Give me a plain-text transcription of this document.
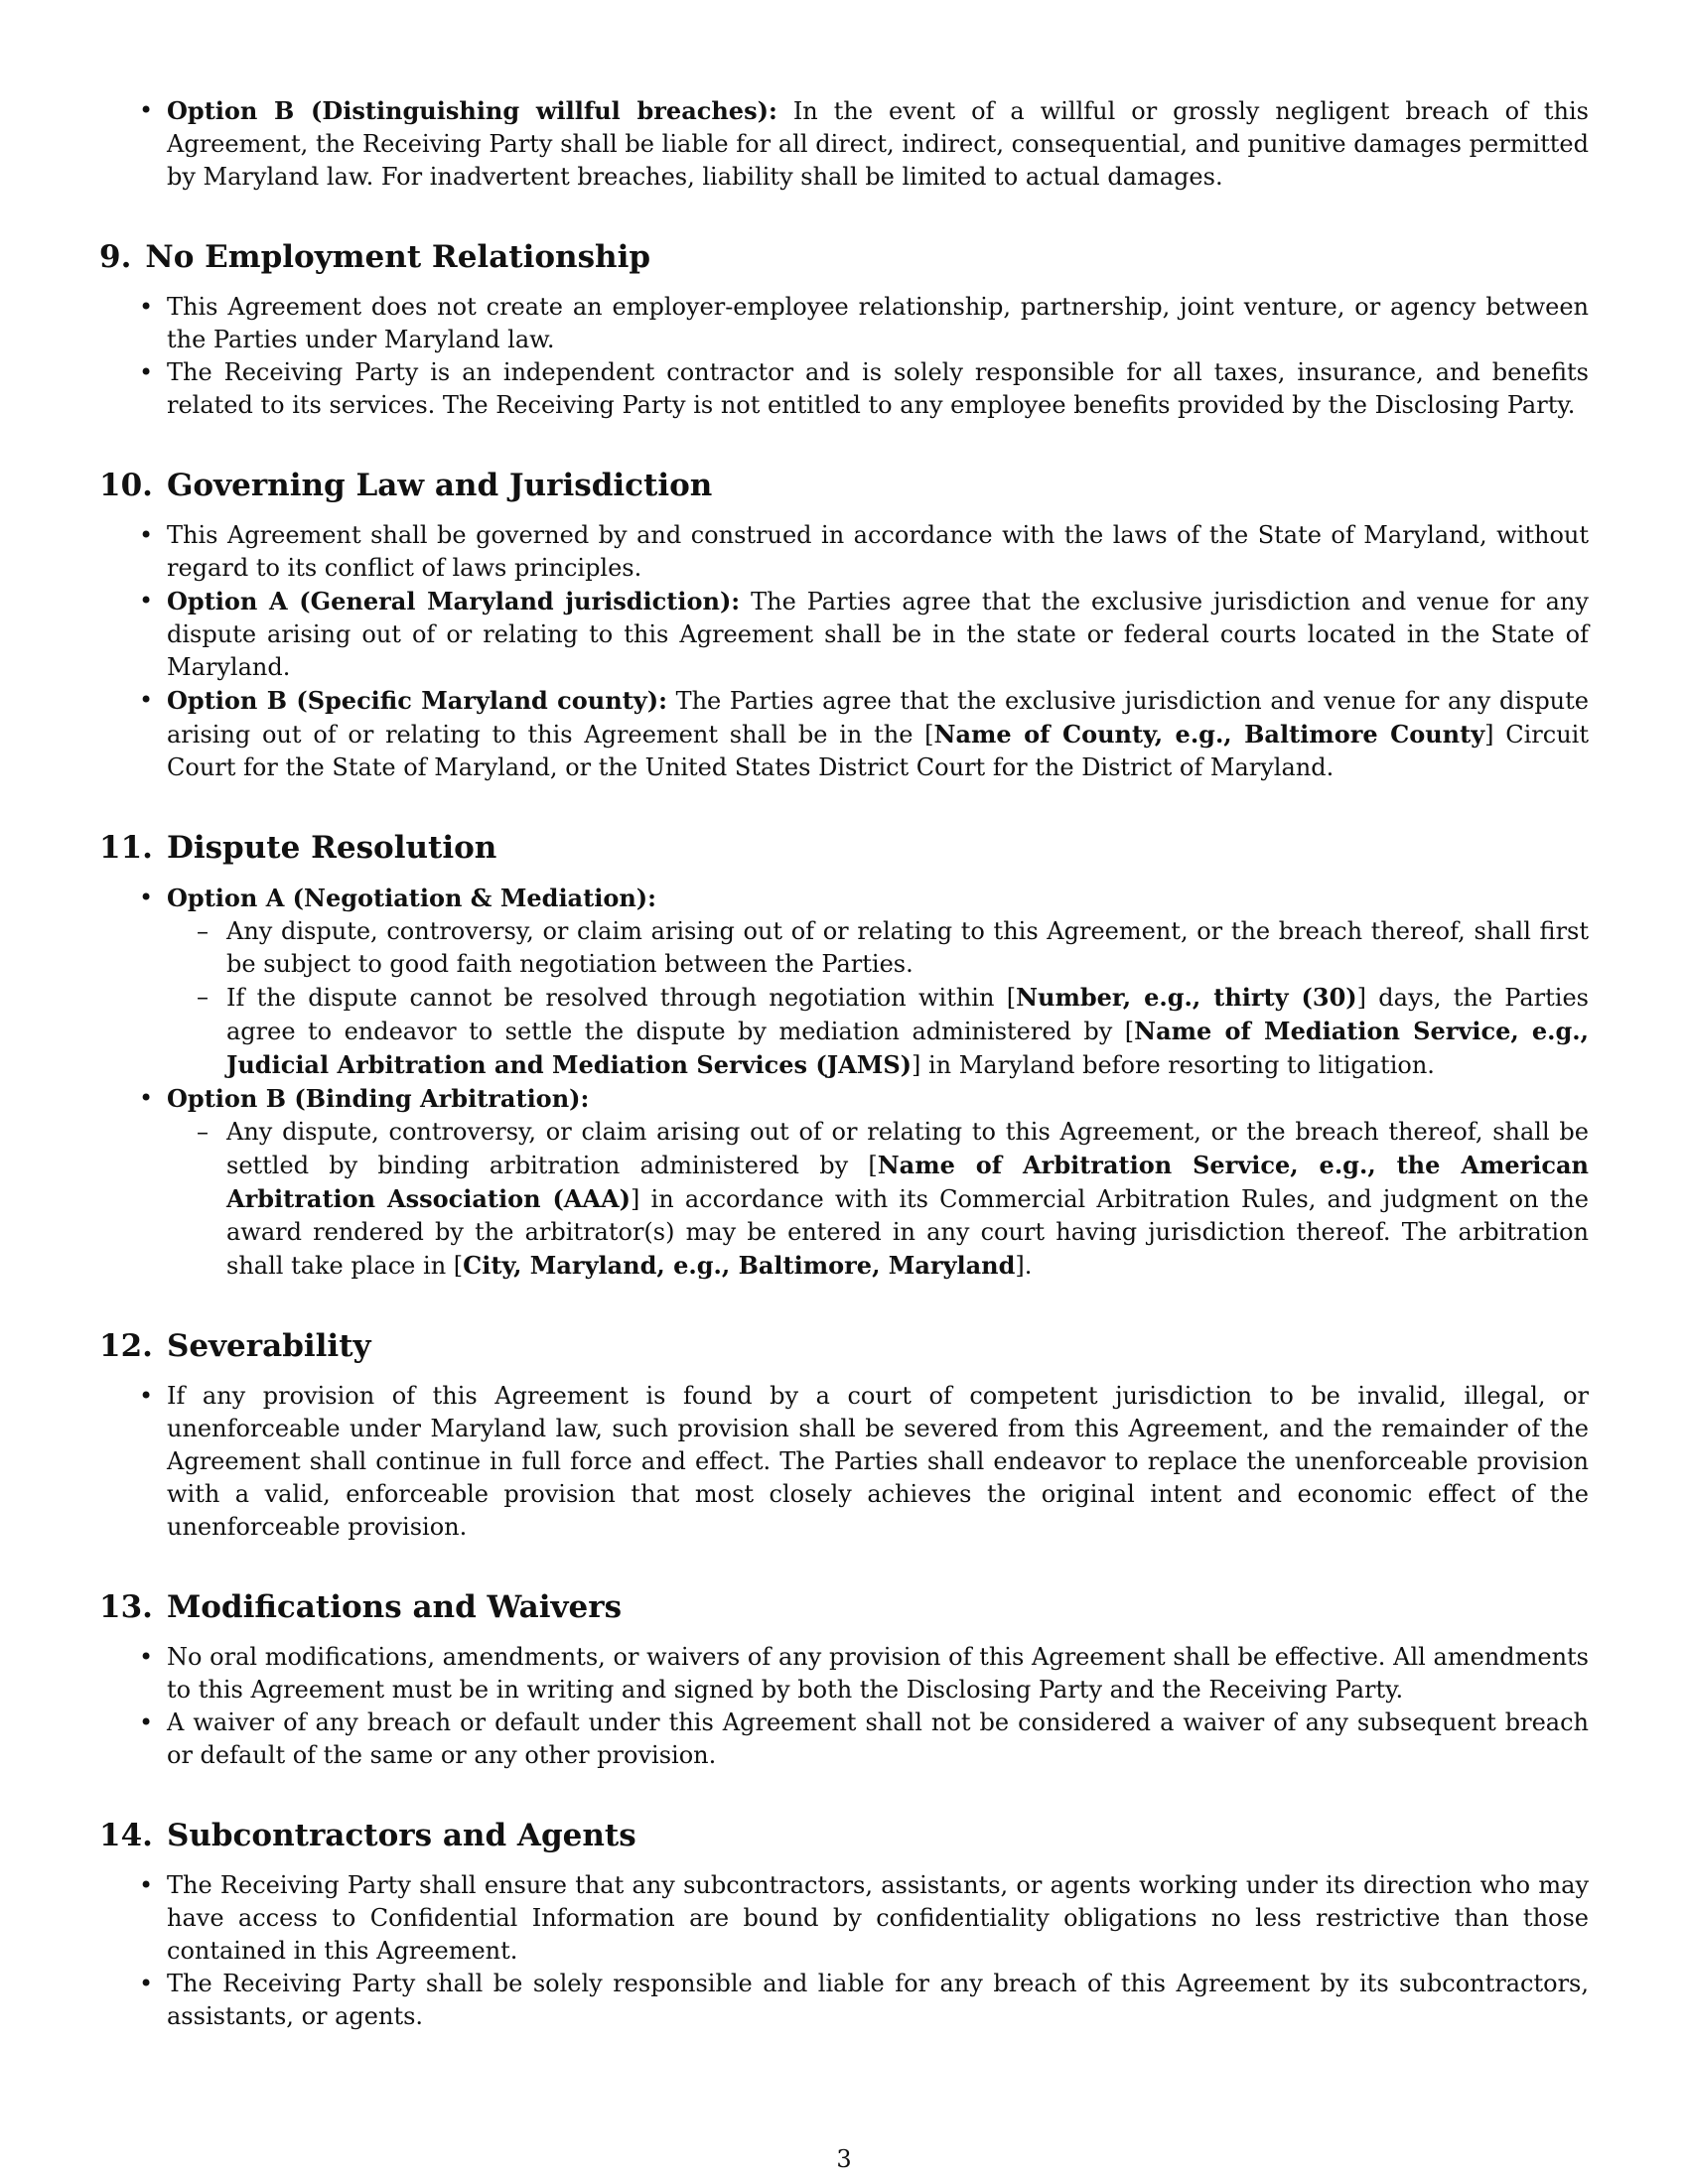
• Option B (Distinguishing willful breaches): In the event of a willful or grossly negligent breach of this Agreement, the Receiving Party shall be liable for all direct, indirect, consequential, and punitive damages permitted by Maryland law. For inadvertent breaches, liability shall be limited to actual damages.
9. No Employment Relationship
• This Agreement does not create an employer-employee relationship, partnership, joint venture, or agency between the Parties under Maryland law.
• The Receiving Party is an independent contractor and is solely responsible for all taxes, insurance, and benefits related to its services. The Receiving Party is not entitled to any employee benefits provided by the Disclosing Party.
10. Governing Law and Jurisdiction
• This Agreement shall be governed by and construed in accordance with the laws of the State of Maryland, without regard to its conflict of laws principles.
• Option A (General Maryland jurisdiction): The Parties agree that the exclusive jurisdiction and venue for any dispute arising out of or relating to this Agreement shall be in the state or federal courts located in the State of Maryland.
• Option B (Specific Maryland county): The Parties agree that the exclusive jurisdiction and venue for any dispute arising out of or relating to this Agreement shall be in the [Name of County, e.g., Baltimore County] Circuit Court for the State of Maryland, or the United States District Court for the District of Maryland.
11. Dispute Resolution
• Option A (Negotiation & Mediation):
– Any dispute, controversy, or claim arising out of or relating to this Agreement, or the breach thereof, shall first be subject to good faith negotiation between the Parties.
– If the dispute cannot be resolved through negotiation within [Number, e.g., thirty (30)] days, the Parties agree to endeavor to settle the dispute by mediation administered by [Name of Mediation Service, e.g., Judicial Arbitration and Mediation Services (JAMS)] in Maryland before resorting to litigation.
• Option B (Binding Arbitration):
– Any dispute, controversy, or claim arising out of or relating to this Agreement, or the breach thereof, shall be settled by binding arbitration administered by [Name of Arbitration Service, e.g., the American Arbitration Association (AAA)] in accordance with its Commercial Arbitration Rules, and judgment on the award rendered by the arbitrator(s) may be entered in any court having jurisdiction thereof. The arbitration shall take place in [City, Maryland, e.g., Baltimore, Maryland].
12. Severability
• If any provision of this Agreement is found by a court of competent jurisdiction to be invalid, illegal, or unenforceable under Maryland law, such provision shall be severed from this Agreement, and the remainder of the Agreement shall continue in full force and effect. The Parties shall endeavor to replace the unenforceable provision with a valid, enforceable provision that most closely achieves the original intent and economic effect of the unenforceable provision.
13. Modifications and Waivers
• No oral modifications, amendments, or waivers of any provision of this Agreement shall be effective. All amendments to this Agreement must be in writing and signed by both the Disclosing Party and the Receiving Party.
• A waiver of any breach or default under this Agreement shall not be considered a waiver of any subsequent breach or default of the same or any other provision.
14. Subcontractors and Agents
• The Receiving Party shall ensure that any subcontractors, assistants, or agents working under its direction who may have access to Confidential Information are bound by confidentiality obligations no less restrictive than those contained in this Agreement.
• The Receiving Party shall be solely responsible and liable for any breach of this Agreement by its subcontractors, assistants, or agents.
3
